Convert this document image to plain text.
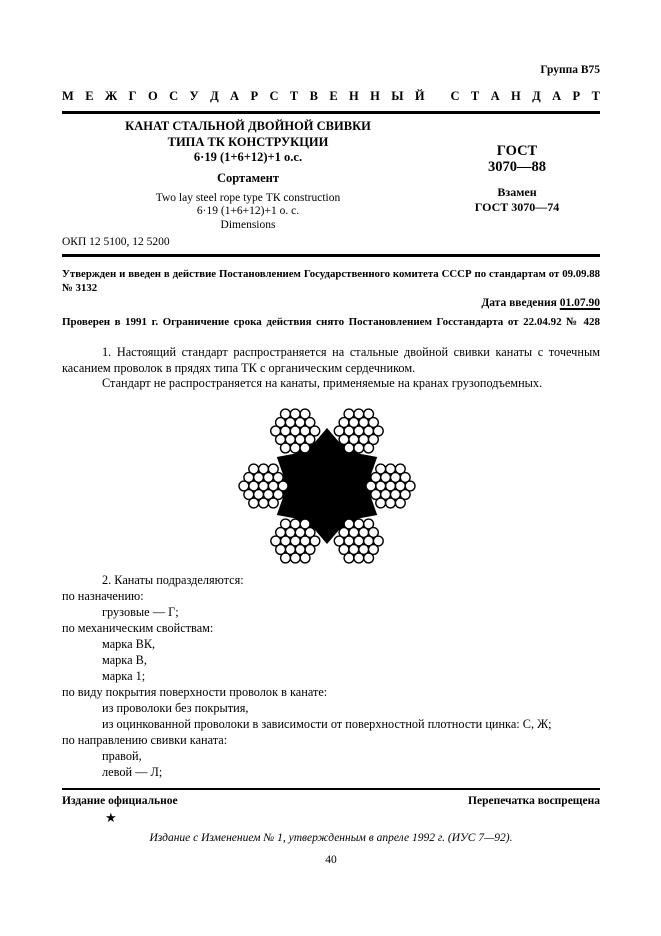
Группа В75
М Е Ж Г О С У Д А Р С Т В Е Н Н Ы Й
С Т А Н Д А Р Т
КАНАТ СТАЛЬНОЙ ДВОЙНОЙ СВИВКИ
ТИПА ТК КОНСТРУКЦИИ
6·19 (1+6+12)+1 о.с.
Сортамент
Two lay steel rope type ТК construction
6·19 (1+6+12)+1 о. с.
Dimensions
ГОСТ
3070—88
Взамен
ГОСТ 3070—74
ОКП 12 5100, 12 5200
Утвержден и введен в действие Постановлением Государственного комитета СССР по стандартам от 09.09.88
№ 3132
Дата введения 01.07.90
Проверен в 1991 г. Ограничение срока действия снято Постановлением Госстандарта от 22.04.92 № 428

1. Настоящий стандарт распространяется на стальные двойной свивки канаты с точечным касанием проволок в прядях типа ТК с органическим сердечником.

Стандарт не распространяется на канаты, применяемые на кранах грузоподъемных.

2. Канаты подразделяются:
по назначению:
грузовые — Г;
по механическим свойствам:
марка ВК,
марка В,
марка 1;
по виду покрытия поверхности проволок в канате:
из проволоки без покрытия,
из оцинкованной проволоки в зависимости от поверхностной плотности цинка: С, Ж;
по направлению свивки каната:
правой,
левой — Л;
Издание официальное	Перепечатка воспрещена
★
Издание с Изменением № 1, утвержденным в апреле 1992 г. (ИУС 7—92).
40
